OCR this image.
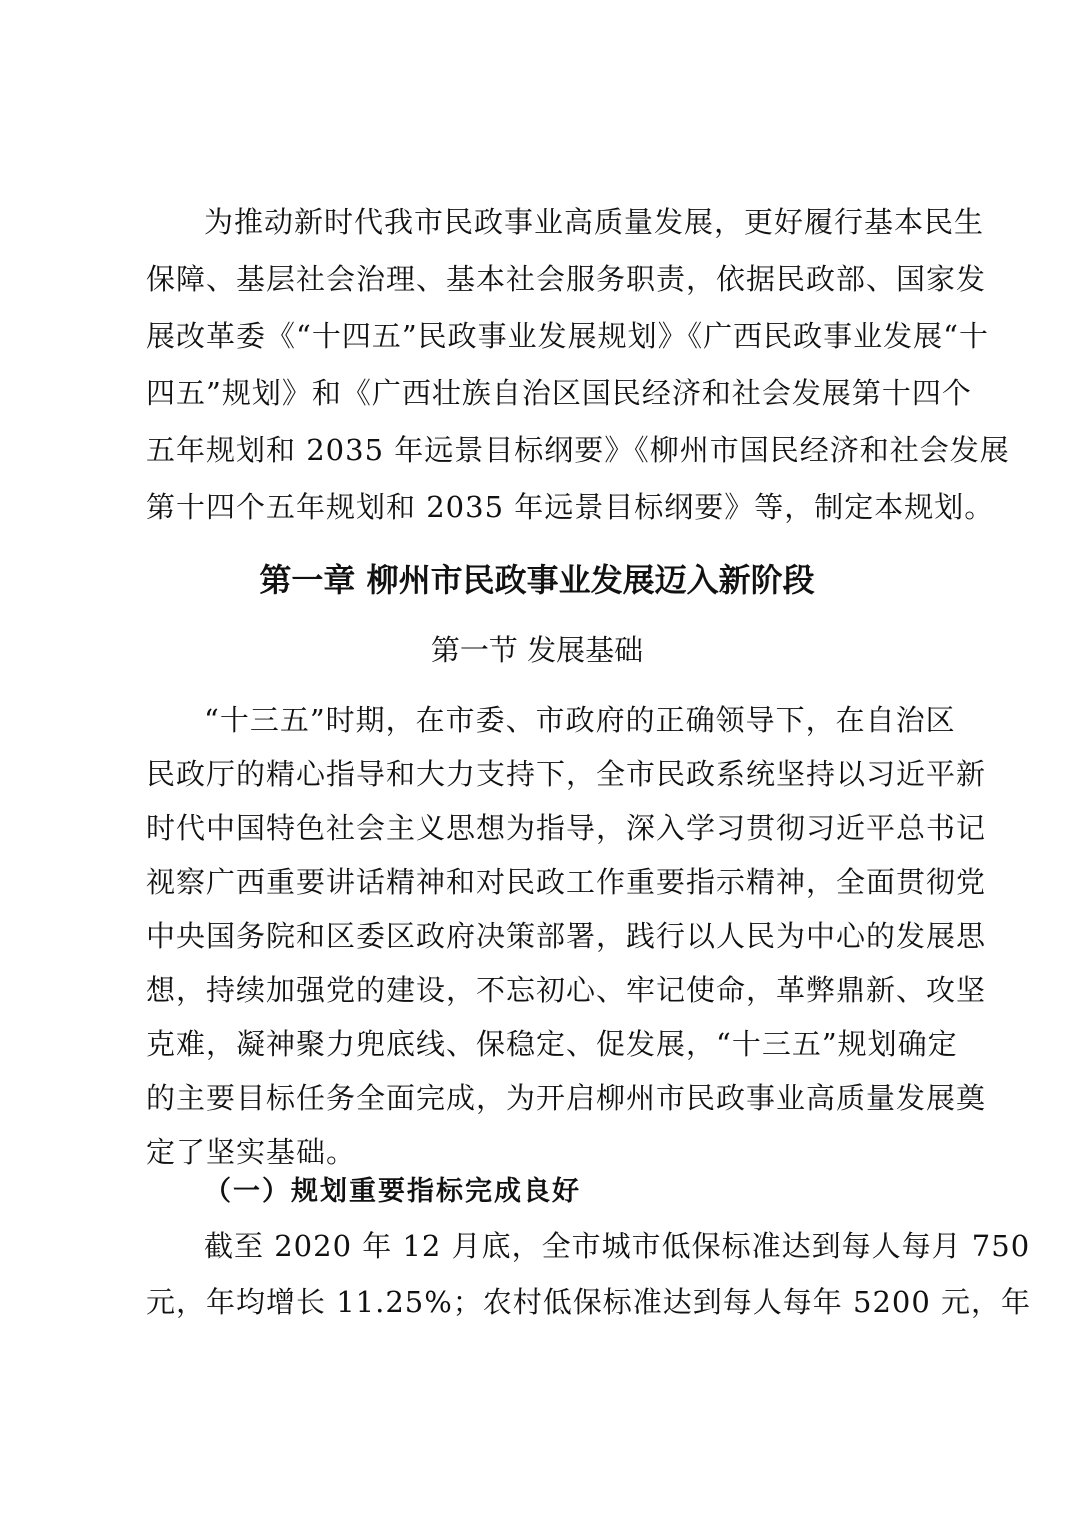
为推动新时代我市民政事业高质量发展，更好履行基本民生
保障、基层社会治理、基本社会服务职责，依据民政部、国家发
展改革委《“十四五”民政事业发展规划》《广西民政事业发展“十
四五”规划》和《广西壮族自治区国民经济和社会发展第十四个
五年规划和 2035 年远景目标纲要》《柳州市国民经济和社会发展
第十四个五年规划和 2035 年远景目标纲要》等，制定本规划。
第一章 柳州市民政事业发展迈入新阶段
第一节 发展基础
“十三五”时期，在市委、市政府的正确领导下，在自治区
民政厅的精心指导和大力支持下，全市民政系统坚持以习近平新
时代中国特色社会主义思想为指导，深入学习贯彻习近平总书记
视察广西重要讲话精神和对民政工作重要指示精神，全面贯彻党
中央国务院和区委区政府决策部署，践行以人民为中心的发展思
想，持续加强党的建设，不忘初心、牢记使命，革弊鼎新、攻坚
克难，凝神聚力兜底线、保稳定、促发展，“十三五”规划确定
的主要目标任务全面完成，为开启柳州市民政事业高质量发展奠
定了坚实基础。
（一）规划重要指标完成良好
截至 2020 年 12 月底，全市城市低保标准达到每人每月 750
元，年均增长 11.25%；农村低保标准达到每人每年 5200 元，年
